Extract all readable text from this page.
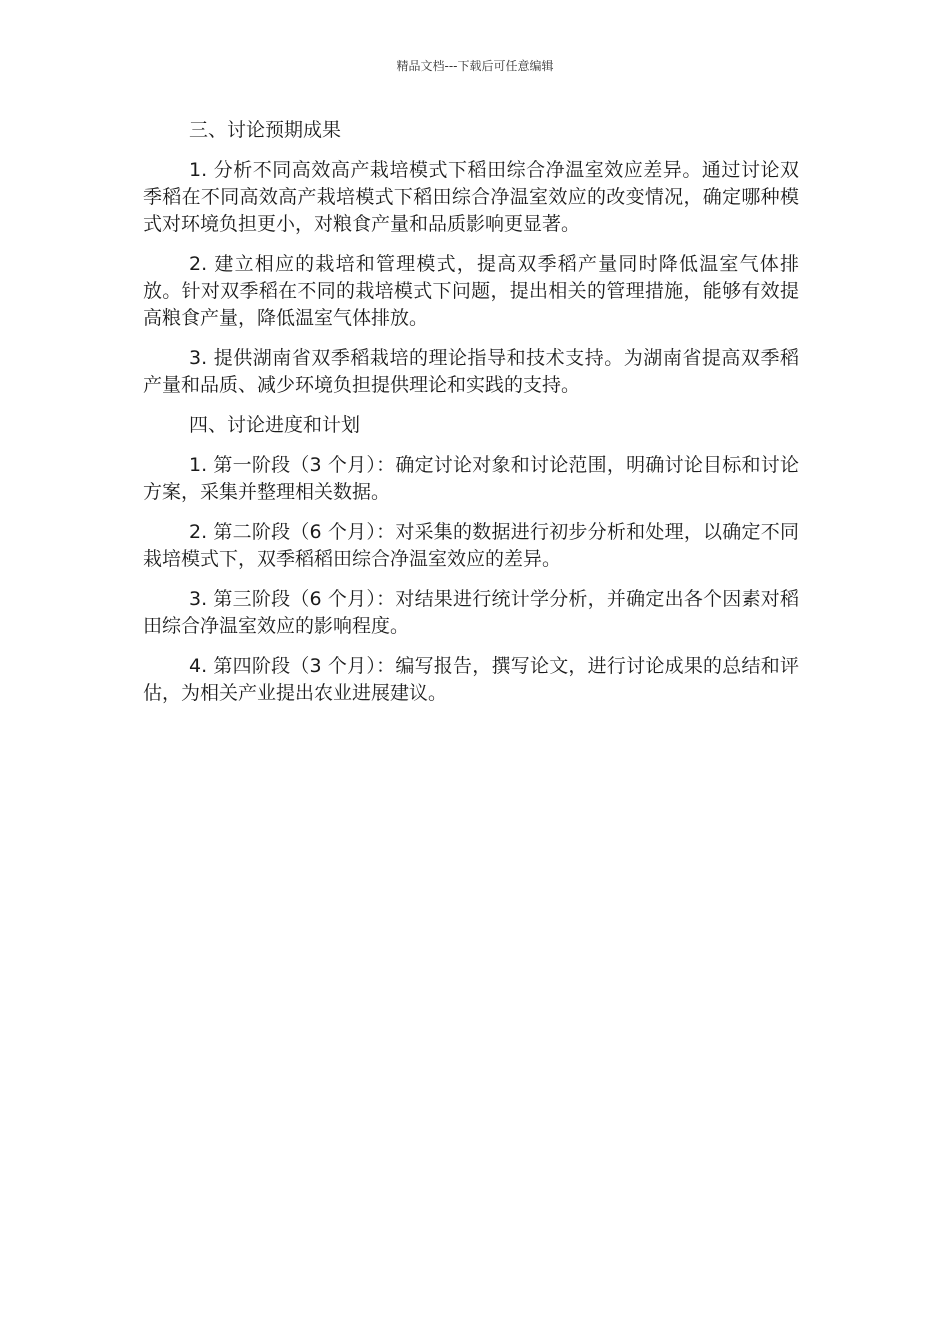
精品文档---下载后可任意编辑

三、讨论预期成果

1. 分析不同高效高产栽培模式下稻田综合净温室效应差异。通过讨论双季稻在不同高效高产栽培模式下稻田综合净温室效应的改变情况，确定哪种模式对环境负担更小，对粮食产量和品质影响更显著。

2. 建立相应的栽培和管理模式，提高双季稻产量同时降低温室气体排放。针对双季稻在不同的栽培模式下问题，提出相关的管理措施，能够有效提高粮食产量，降低温室气体排放。

3. 提供湖南省双季稻栽培的理论指导和技术支持。为湖南省提高双季稻产量和品质、减少环境负担提供理论和实践的支持。

四、讨论进度和计划

1. 第一阶段（3 个月）：确定讨论对象和讨论范围，明确讨论目标和讨论方案，采集并整理相关数据。

2. 第二阶段（6 个月）：对采集的数据进行初步分析和处理，以确定不同栽培模式下，双季稻稻田综合净温室效应的差异。

3. 第三阶段（6 个月）：对结果进行统计学分析，并确定出各个因素对稻田综合净温室效应的影响程度。

4. 第四阶段（3 个月）：编写报告，撰写论文，进行讨论成果的总结和评估，为相关产业提出农业进展建议。
